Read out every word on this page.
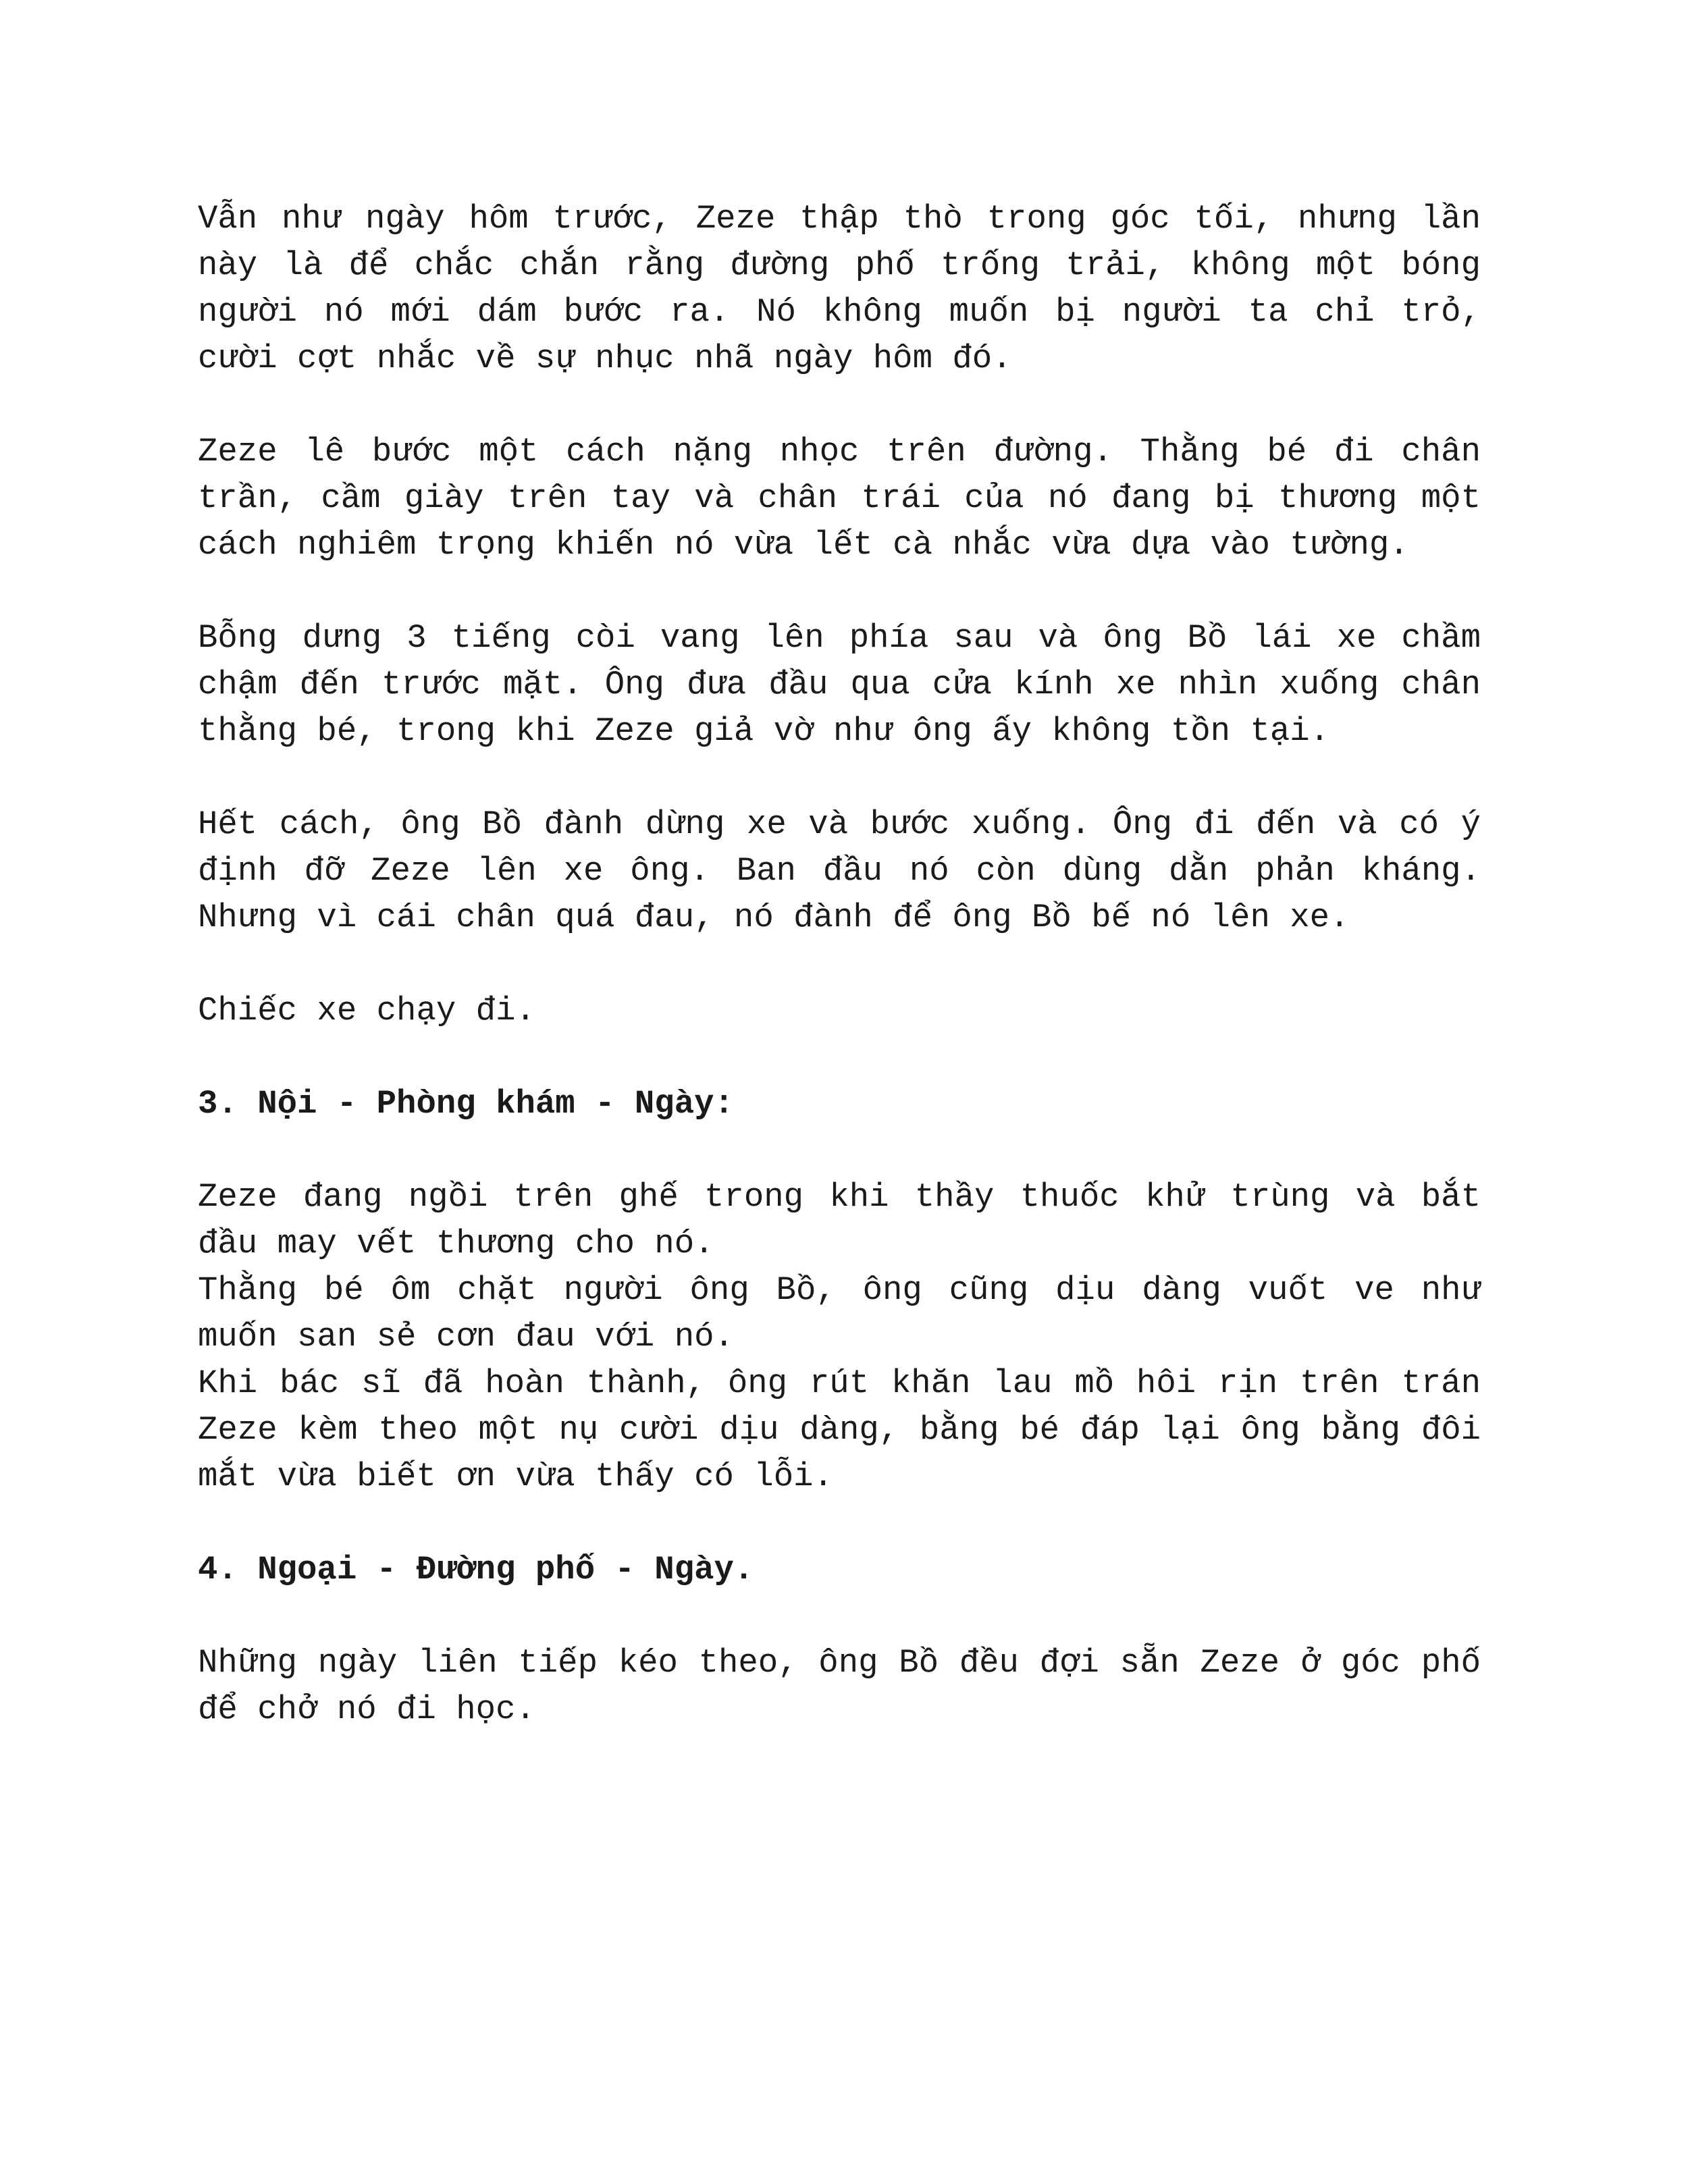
Vẫn như ngày hôm trước, Zeze thập thò trong góc tối, nhưng lần này là để chắc chắn rằng đường phố trống trải, không một bóng người nó mới dám bước ra. Nó không muốn bị người ta chỉ trỏ, cười cợt nhắc về sự nhục nhã ngày hôm đó.

Zeze lê bước một cách nặng nhọc trên đường. Thằng bé đi chân trần, cầm giày trên tay và chân trái của nó đang bị thương một cách nghiêm trọng khiến nó vừa lết cà nhắc vừa dựa vào tường.

Bỗng dưng 3 tiếng còi vang lên phía sau và ông Bồ lái xe chầm chậm đến trước mặt. Ông đưa đầu qua cửa kính xe nhìn xuống chân thằng bé, trong khi Zeze giả vờ như ông ấy không tồn tại.

Hết cách, ông Bồ đành dừng xe và bước xuống. Ông đi đến và có ý định đỡ Zeze lên xe ông. Ban đầu nó còn dùng dằn phản kháng. Nhưng vì cái chân quá đau, nó đành để ông Bồ bế nó lên xe.

Chiếc xe chạy đi.

3. Nội - Phòng khám - Ngày:

Zeze đang ngồi trên ghế trong khi thầy thuốc khử trùng và bắt đầu may vết thương cho nó.

Thằng bé ôm chặt người ông Bồ, ông cũng dịu dàng vuốt ve như muốn san sẻ cơn đau với nó.

Khi bác sĩ đã hoàn thành, ông rút khăn lau mồ hôi rịn trên trán Zeze kèm theo một nụ cười dịu dàng, bằng bé đáp lại ông bằng đôi mắt vừa biết ơn vừa thấy có lỗi.

4. Ngoại - Đường phố - Ngày.

Những ngày liên tiếp kéo theo, ông Bồ đều đợi sẵn Zeze ở góc phố để chở nó đi học.
